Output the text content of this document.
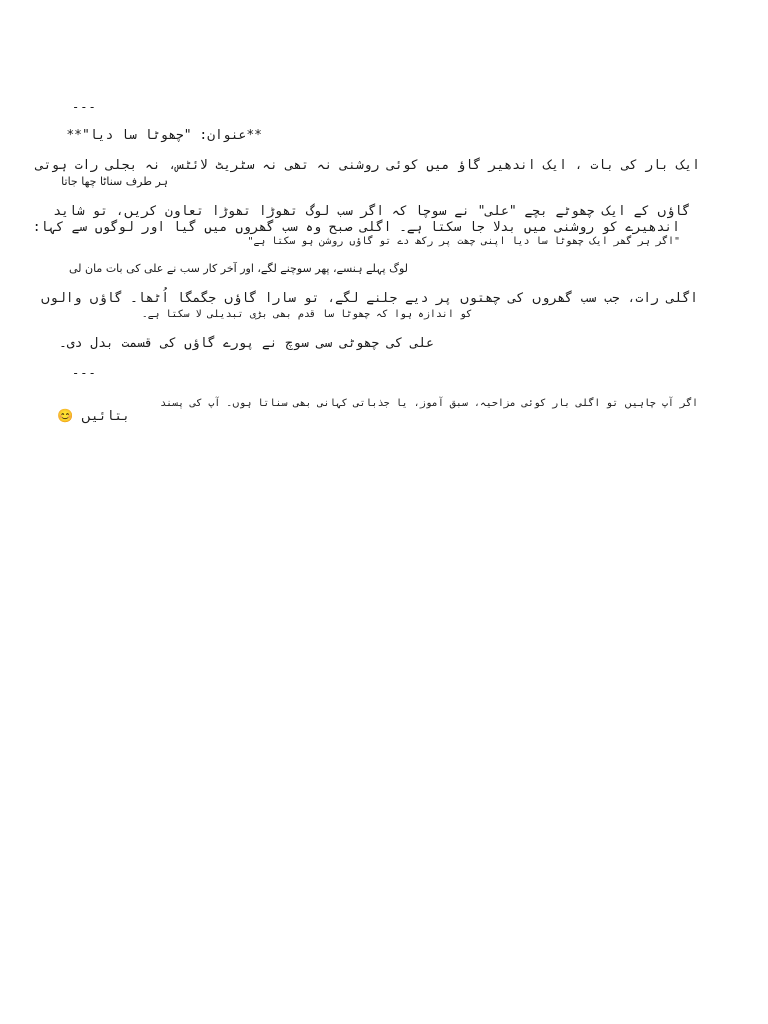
---

**عنوان: "چھوٹا سا دیا"**

ایک بار کی بات ، ایک اندھیر گاؤ میں کوئی روشنی نہ تھی نہ سٹریٹ لائٹس، نہ بجلی رات ہوتی

ہر طرف سناٹا چھا جاتا

گاؤں کے ایک چھوٹے بچے "علی" نے سوچا کہ اگر سب لوگ تھوڑا تھوڑا تعاون کریں، تو شاید

اندھیرے کو روشنی میں بدلا جا سکتا ہے۔ اگلی صبح وہ سب گھروں میں گیا اور لوگوں سے کہا:

"اگر ہر گھر ایک چھوٹا سا دیا اپنی چھت پر رکھ دے تو گاؤں روشن ہو سکتا ہے"

لوگ پہلے ہنسے، پھر سوچنے لگے، اور آخر کار سب نے علی کی بات مان لی

اگلی رات، جب سب گھروں کی چھتوں پر دیے جلنے لگے، تو سارا گاؤں جگمگا اُٹھا۔ گاؤں والوں

کو اندازہ ہوا کہ چھوٹا سا قدم بھی بڑی تبدیلی لا سکتا ہے۔

علی کی چھوٹی سی سوچ نے پورے گاؤں کی قسمت بدل دی۔

---

اگر آپ چاہیں تو اگلی بار کوئی مزاحیہ، سبق آموز، یا جذباتی کہانی بھی سناتا ہوں۔ آپ کی پسند

بتائیں 😊
